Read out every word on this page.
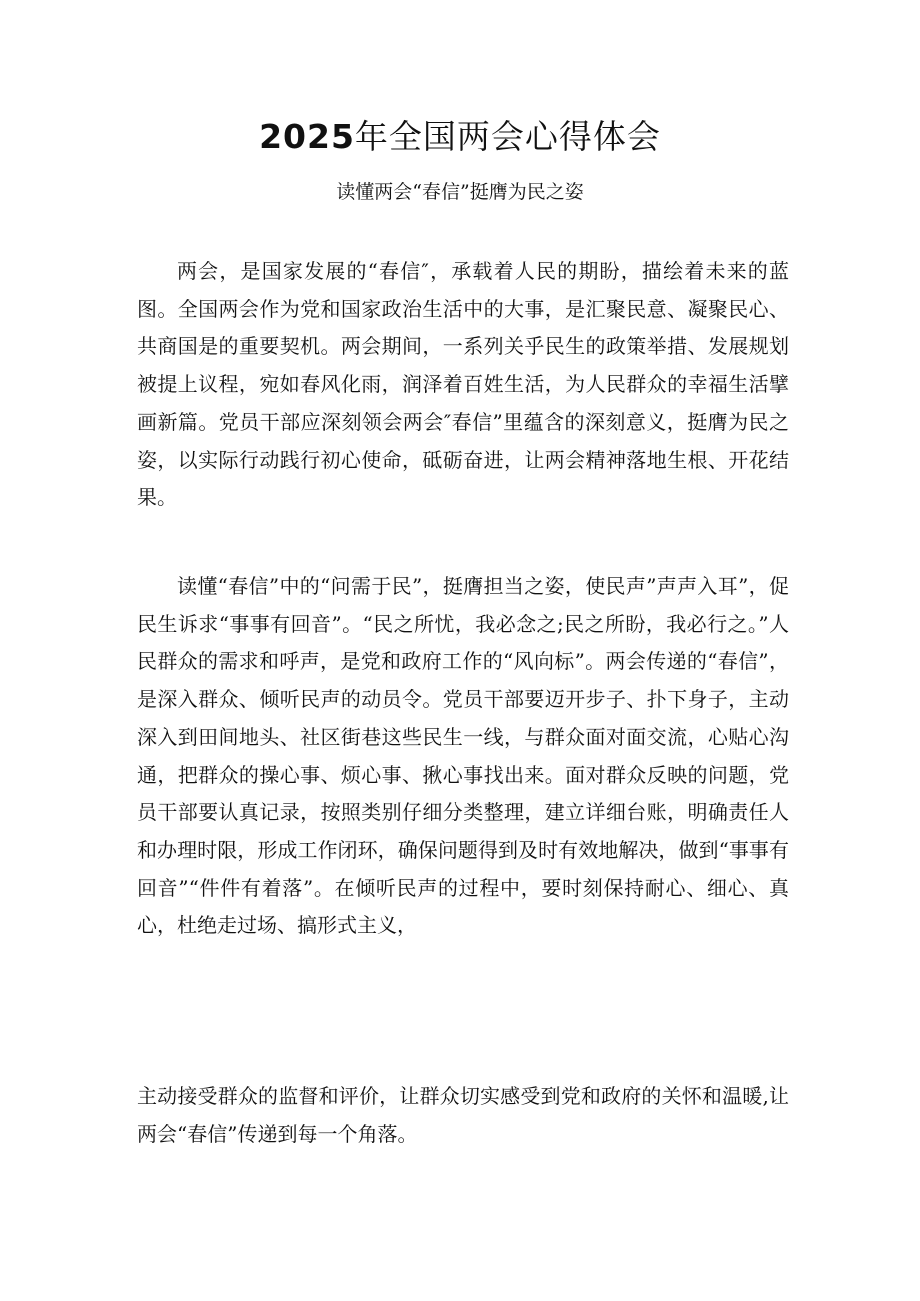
2025年全国两会心得体会

读懂两会“春信”挺膺为民之姿

两会，是国家发展的“春信″，承载着人民的期盼，描绘着未来的蓝图。全国两会作为党和国家政治生活中的大事，是汇聚民意、凝聚民心、共商国是的重要契机。两会期间，一系列关乎民生的政策举措、发展规划被提上议程，宛如春风化雨，润泽着百姓生活，为人民群众的幸福生活擘画新篇。党员干部应深刻领会两会″春信”里蕴含的深刻意义，挺膺为民之姿，以实际行动践行初心使命，砥砺奋进，让两会精神落地生根、开花结果。

读懂“春信”中的“问需于民”，挺膺担当之姿，使民声”声声入耳”，促民生诉求“事事有回音”。“民之所忧，我必念之;民之所盼，我必行之。”人民群众的需求和呼声，是党和政府工作的“风向标”。两会传递的“春信”，是深入群众、倾听民声的动员令。党员干部要迈开步子、扑下身子，主动深入到田间地头、社区街巷这些民生一线，与群众面对面交流，心贴心沟通，把群众的操心事、烦心事、揪心事找出来。面对群众反映的问题，党员干部要认真记录，按照类别仔细分类整理，建立详细台账，明确责任人和办理时限，形成工作闭环，确保问题得到及时有效地解决，做到“事事有回音”“件件有着落”。在倾听民声的过程中，要时刻保持耐心、细心、真心，杜绝走过场、搞形式主义，

主动接受群众的监督和评价，让群众切实感受到党和政府的关怀和温暖,让两会“春信”传递到每一个角落。
